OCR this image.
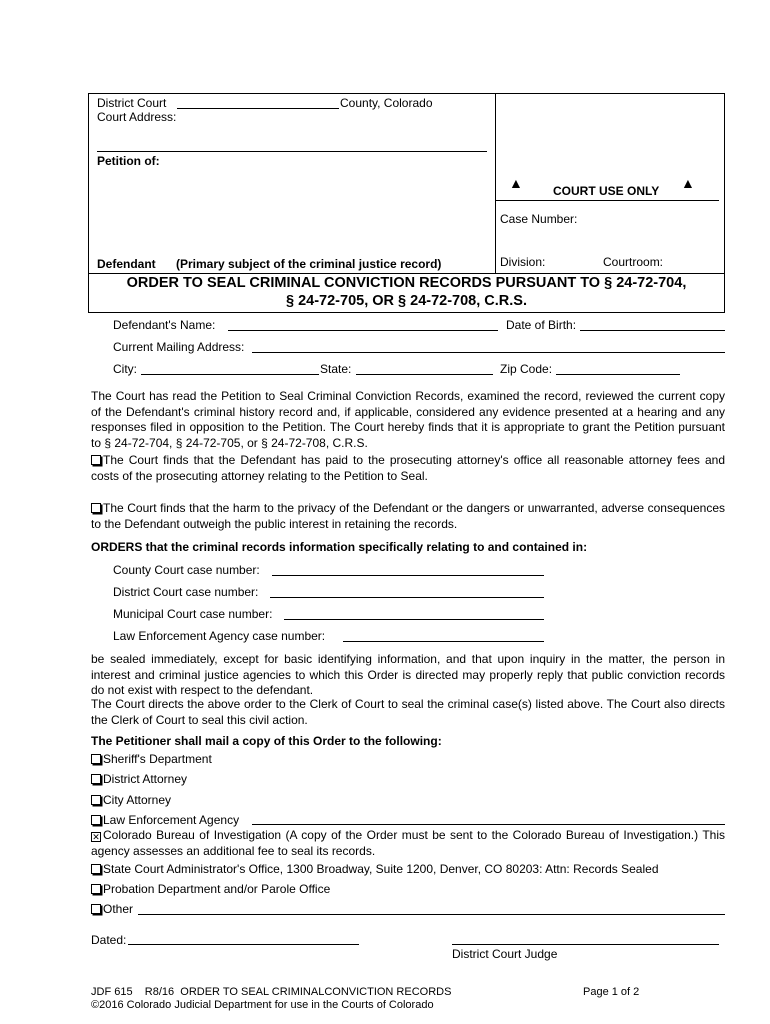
District Court	County, Colorado
Court Address:
Petition of:
Defendant (Primary subject of the criminal justice record)
▲	COURT USE ONLY ▲
Case Number:
Division:	Courtroom:
ORDER TO SEAL CRIMINAL CONVICTION RECORDS PURSUANT TO § 24-72-704,
§ 24-72-705, OR § 24-72-708, C.R.S.
Defendant's Name:	Date of Birth:
Current Mailing Address:
City:	State:	Zip Code:
The Court has read the Petition to Seal Criminal Conviction Records, examined the record, reviewed the current copy of the Defendant's criminal history record and, if applicable, considered any evidence presented at a hearing and any responses filed in opposition to the Petition. The Court hereby finds that it is appropriate to grant the Petition pursuant to § 24-72-704, § 24-72-705, or § 24-72-708, C.R.S.
The Court finds that the Defendant has paid to the prosecuting attorney's office all reasonable attorney fees and costs of the prosecuting attorney relating to the Petition to Seal.
The Court finds that the harm to the privacy of the Defendant or the dangers or unwarranted, adverse consequences to the Defendant outweigh the public interest in retaining the records.
ORDERS that the criminal records information specifically relating to and contained in:
County Court case number:
District Court case number:
Municipal Court case number:
Law Enforcement Agency case number:
be sealed immediately, except for basic identifying information, and that upon inquiry in the matter, the person in interest and criminal justice agencies to which this Order is directed may properly reply that public conviction records do not exist with respect to the defendant.
The Court directs the above order to the Clerk of Court to seal the criminal case(s) listed above. The Court also directs the Clerk of Court to seal this civil action.
The Petitioner shall mail a copy of this Order to the following:
Sheriff's Department
District Attorney
City Attorney
Law Enforcement Agency
✕ Colorado Bureau of Investigation (A copy of the Order must be sent to the Colorado Bureau of Investigation.) This agency assesses an additional fee to seal its records.
State Court Administrator's Office, 1300 Broadway, Suite 1200, Denver, CO 80203: Attn: Records Sealed
Probation Department and/or Parole Office
Other
Dated:
District Court Judge
JDF 615    R8/16  ORDER TO SEAL CRIMINALCONVICTION RECORDS	Page 1 of 2
©2016 Colorado Judicial Department for use in the Courts of Colorado
